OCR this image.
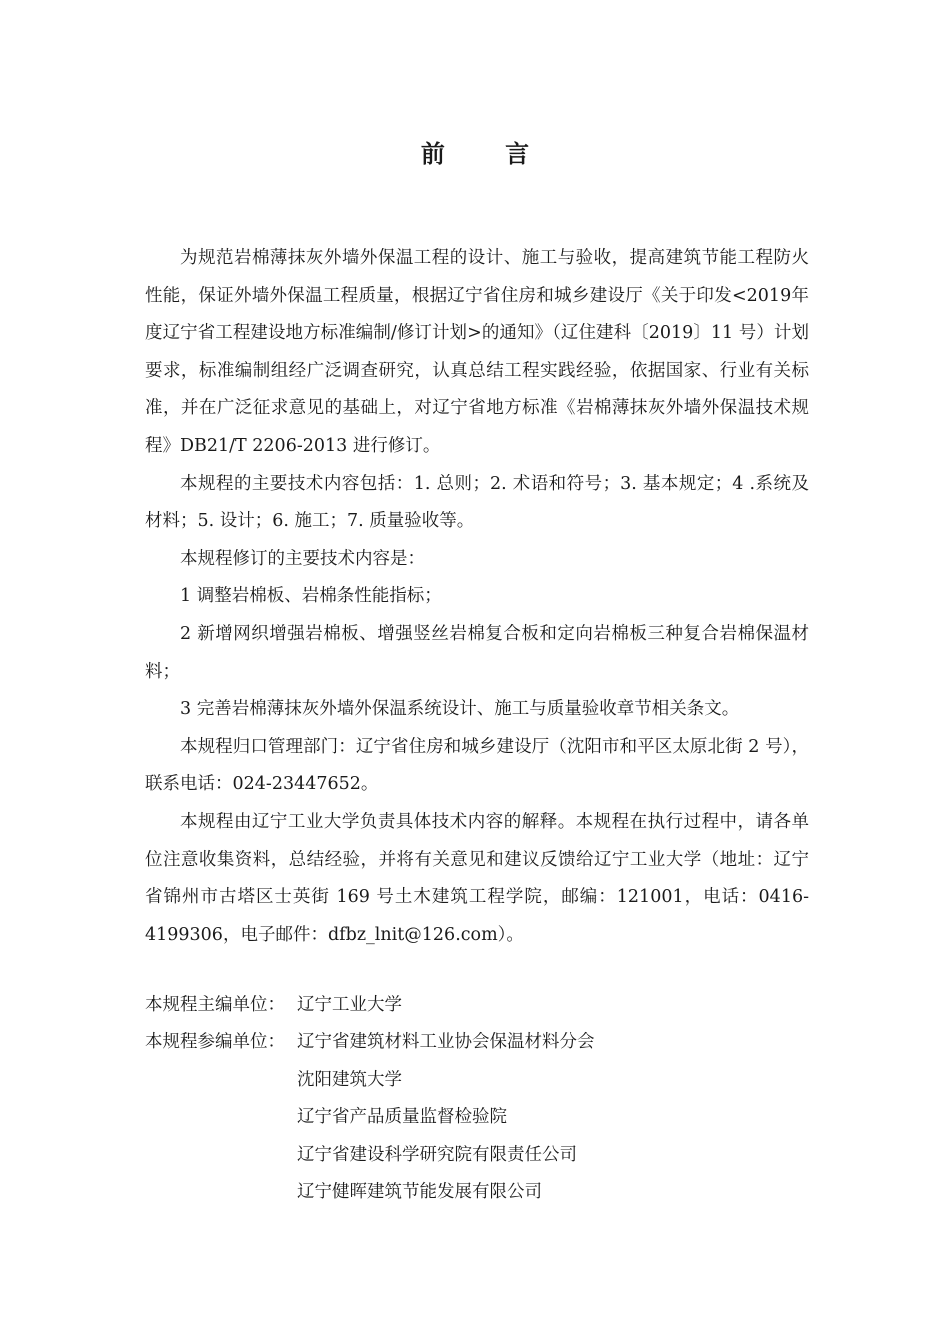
前 言

为规范岩棉薄抹灰外墙外保温工程的设计、施工与验收，提高建筑节能工程防火性能，保证外墙外保温工程质量，根据辽宁省住房和城乡建设厅《关于印发<2019年度辽宁省工程建设地方标准编制/修订计划>的通知》（辽住建科〔2019〕11 号）计划要求，标准编制组经广泛调查研究，认真总结工程实践经验，依据国家、行业有关标准，并在广泛征求意见的基础上，对辽宁省地方标准《岩棉薄抹灰外墙外保温技术规程》DB21/T 2206-2013 进行修订。

本规程的主要技术内容包括：1. 总则；2. 术语和符号；3. 基本规定；4 .系统及材料；5. 设计；6. 施工；7. 质量验收等。

本规程修订的主要技术内容是：

1 调整岩棉板、岩棉条性能指标；

2 新增网织增强岩棉板、增强竖丝岩棉复合板和定向岩棉板三种复合岩棉保温材料；

3 完善岩棉薄抹灰外墙外保温系统设计、施工与质量验收章节相关条文。

本规程归口管理部门：辽宁省住房和城乡建设厅（沈阳市和平区太原北街 2 号），联系电话：024-23447652。

本规程由辽宁工业大学负责具体技术内容的解释。本规程在执行过程中，请各单位注意收集资料，总结经验，并将有关意见和建议反馈给辽宁工业大学（地址：辽宁省锦州市古塔区士英街 169 号土木建筑工程学院，邮编：121001，电话：0416-4199306，电子邮件：dfbz_lnit@126.com）。

本规程主编单位： 辽宁工业大学
本规程参编单位： 辽宁省建筑材料工业协会保温材料分会
沈阳建筑大学
辽宁省产品质量监督检验院
辽宁省建设科学研究院有限责任公司
辽宁健晖建筑节能发展有限公司
